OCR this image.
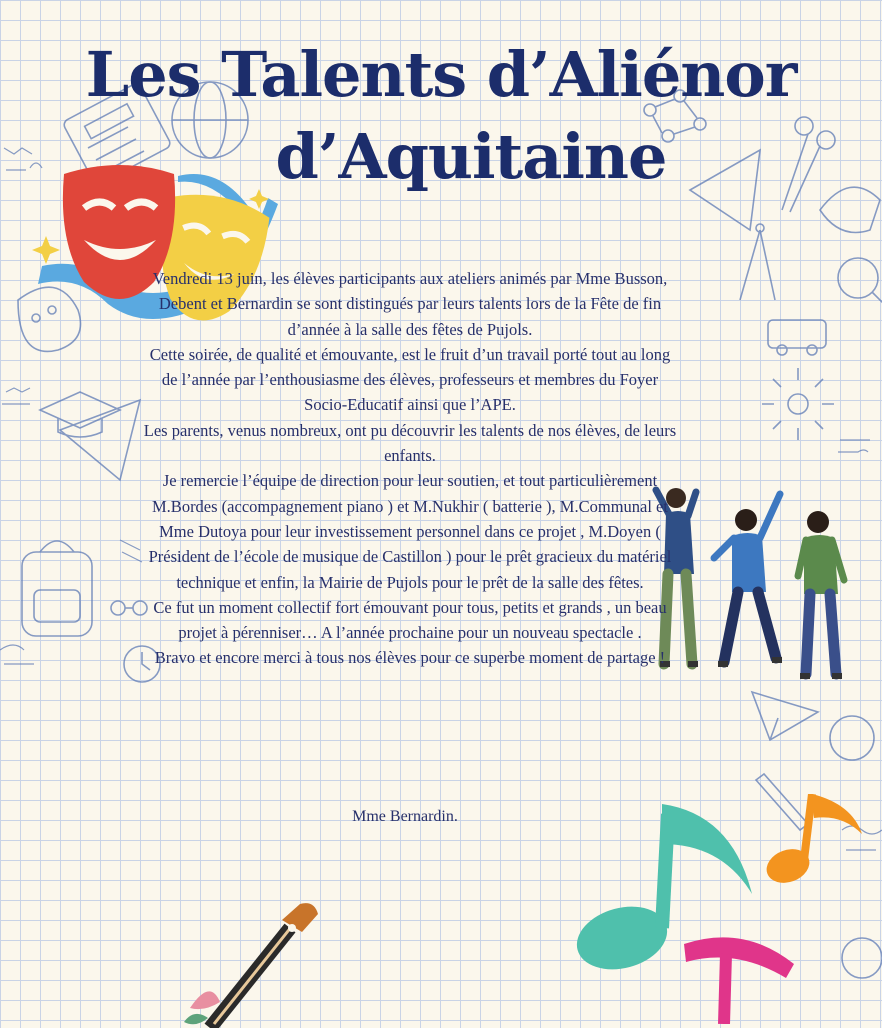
Les Talents d’Aliénor
d’Aquitaine

Vendredi 13 juin, les élèves participants aux ateliers animés par Mme Busson, Debent et Bernardin se sont distingués par leurs talents lors de la Fête de fin d’année à la salle des fêtes de Pujols.

Cette soirée, de qualité et émouvante, est le fruit d’un travail porté tout au long de l’année par l’enthousiasme des élèves, professeurs et membres du Foyer Socio-Educatif ainsi que l’APE.

Les parents, venus nombreux, ont pu découvrir les talents de nos élèves, de leurs enfants.

Je remercie l’équipe de direction pour leur soutien, et tout particulièrement M.Bordes (accompagnement piano ) et M.Nukhir ( batterie ), M.Communal et Mme Dutoya pour leur investissement personnel dans ce projet , M.Doyen ( Président de l’école de musique de Castillon ) pour le prêt gracieux du matériel technique et enfin, la Mairie de Pujols pour le prêt de la salle des fêtes.

Ce fut un moment collectif fort émouvant pour tous, petits et grands , un beau projet à pérenniser… A l’année prochaine pour un nouveau spectacle .

Bravo et encore merci à tous nos élèves pour ce superbe moment de partage !

Mme Bernardin.
